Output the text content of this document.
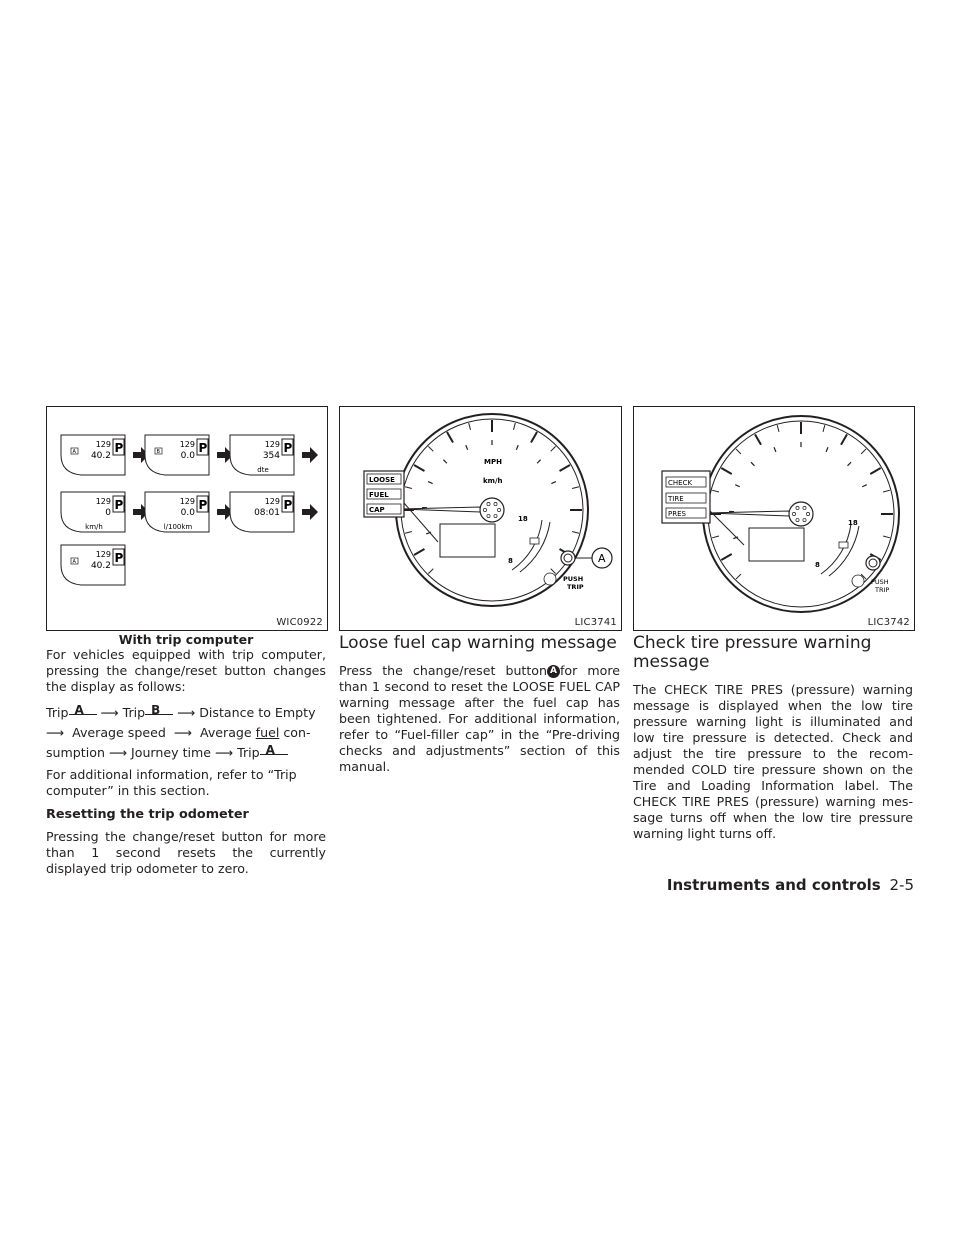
129
40.2
P
A
129
0.0
P
B
129
354
P
dte
129
0
P
km/h
129
0.0
P
l/100km
129
08:01
P
129
40.2
P
A
WIC0922
With trip computer
LOOSE
FUEL
CAP
MPH
km/h
18
8	A
PUSH
TRIP
LIC3741
CHECK
TIRE
PRES
18
8
PUSH
TRIP
LIC3742

For vehicles equipped with trip computer, pressing the change/reset button changes the display as follows:

Trip A ⟶ Trip B ⟶ Distance to Empty
⟶ Average speed ⟶ Average fuel con-
sumption ⟶ Journey time ⟶ Trip A

For additional information, refer to “Trip computer” in this section.

Resetting the trip odometer

Pressing the change/reset button for more than 1 second resets the currently displayed trip odometer to zero.

Loose fuel cap warning message

Press the change/reset button A for more than 1 second to reset the LOOSE FUEL CAP warning message after the fuel cap has been tightened. For additional information, refer to “Fuel-filler cap” in the “Pre-driving checks and adjustments” section of this manual.

Check tire pressure warning message

The CHECK TIRE PRES (pressure) warning message is displayed when the low tire pressure warning light is illuminated and low tire pressure is detected. Check and adjust the tire pressure to the recom-mended COLD tire pressure shown on the Tire and Loading Information label. The CHECK TIRE PRES (pressure) warning mes-sage turns off when the low tire pressure warning light turns off.

Instruments and controls 2-5
